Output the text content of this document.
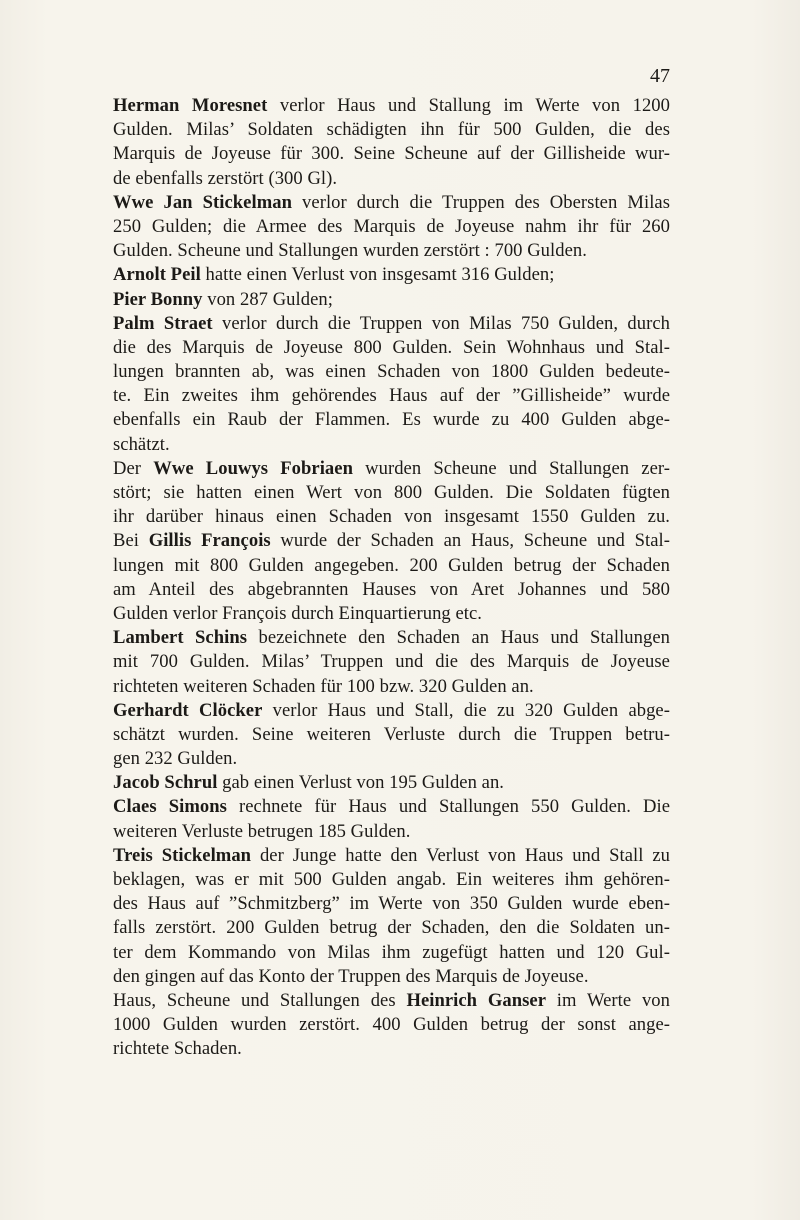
47
Herman Moresnet verlor Haus und Stallung im Werte von 1200
Gulden. Milas’ Soldaten schädigten ihn für 500 Gulden, die des
Marquis de Joyeuse für 300. Seine Scheune auf der Gillisheide wur-
de ebenfalls zerstört (300 Gl).
Wwe Jan Stickelman verlor durch die Truppen des Obersten Milas
250 Gulden; die Armee des Marquis de Joyeuse nahm ihr für 260
Gulden. Scheune und Stallungen wurden zerstört : 700 Gulden.
Arnolt Peil hatte einen Verlust von insgesamt 316 Gulden;
Pier Bonny von 287 Gulden;
Palm Straet verlor durch die Truppen von Milas 750 Gulden, durch
die des Marquis de Joyeuse 800 Gulden. Sein Wohnhaus und Stal-
lungen brannten ab, was einen Schaden von 1800 Gulden bedeute-
te. Ein zweites ihm gehörendes Haus auf der ”Gillisheide” wurde
ebenfalls ein Raub der Flammen. Es wurde zu 400 Gulden abge-
schätzt.
Der Wwe Louwys Fobriaen wurden Scheune und Stallungen zer-
stört; sie hatten einen Wert von 800 Gulden. Die Soldaten fügten
ihr darüber hinaus einen Schaden von insgesamt 1550 Gulden zu.
Bei Gillis François wurde der Schaden an Haus, Scheune und Stal-
lungen mit 800 Gulden angegeben. 200 Gulden betrug der Schaden
am Anteil des abgebrannten Hauses von Aret Johannes und 580
Gulden verlor François durch Einquartierung etc.
Lambert Schins bezeichnete den Schaden an Haus und Stallungen
mit 700 Gulden. Milas’ Truppen und die des Marquis de Joyeuse
richteten weiteren Schaden für 100 bzw. 320 Gulden an.
Gerhardt Clöcker verlor Haus und Stall, die zu 320 Gulden abge-
schätzt wurden. Seine weiteren Verluste durch die Truppen betru-
gen 232 Gulden.
Jacob Schrul gab einen Verlust von 195 Gulden an.
Claes Simons rechnete für Haus und Stallungen 550 Gulden. Die
weiteren Verluste betrugen 185 Gulden.
Treis Stickelman der Junge hatte den Verlust von Haus und Stall zu
beklagen, was er mit 500 Gulden angab. Ein weiteres ihm gehören-
des Haus auf ”Schmitzberg” im Werte von 350 Gulden wurde eben-
falls zerstört. 200 Gulden betrug der Schaden, den die Soldaten un-
ter dem Kommando von Milas ihm zugefügt hatten und 120 Gul-
den gingen auf das Konto der Truppen des Marquis de Joyeuse.
Haus, Scheune und Stallungen des Heinrich Ganser im Werte von
1000 Gulden wurden zerstört. 400 Gulden betrug der sonst ange-
richtete Schaden.
